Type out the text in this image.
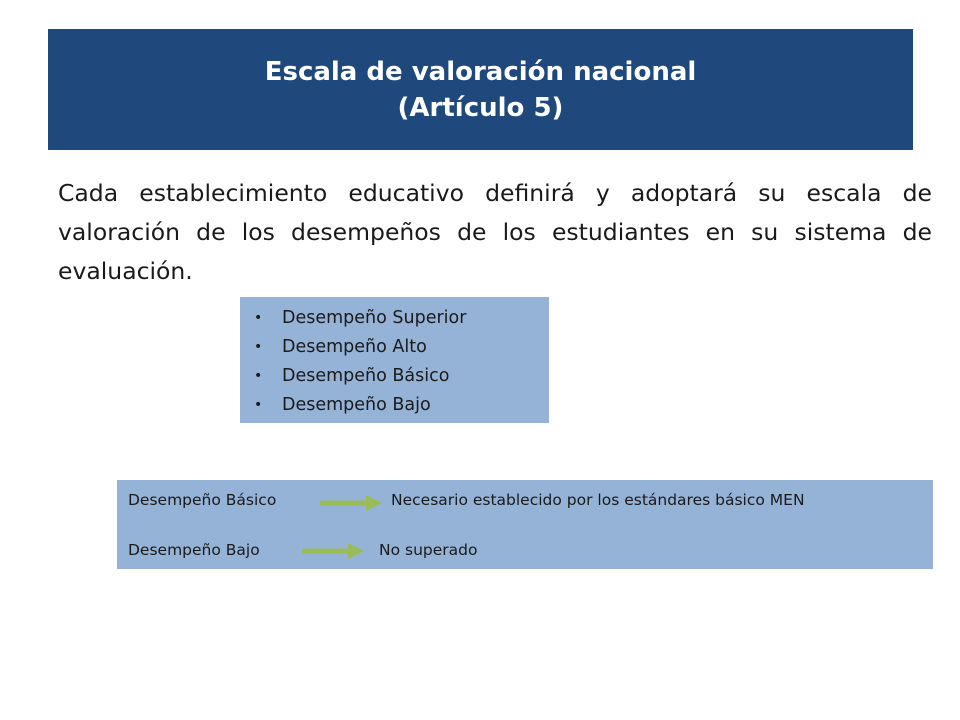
Escala de valoración nacional
(Artículo 5)

Cada establecimiento educativo definirá y adoptará su escala de valoración de los desempeños de los estudiantes en su sistema de evaluación.

• Desempeño Superior
• Desempeño Alto
• Desempeño Básico
• Desempeño Bajo
Desempeño Básico	Necesario establecido por los estándares básico MEN
Desempeño Bajo	No superado
